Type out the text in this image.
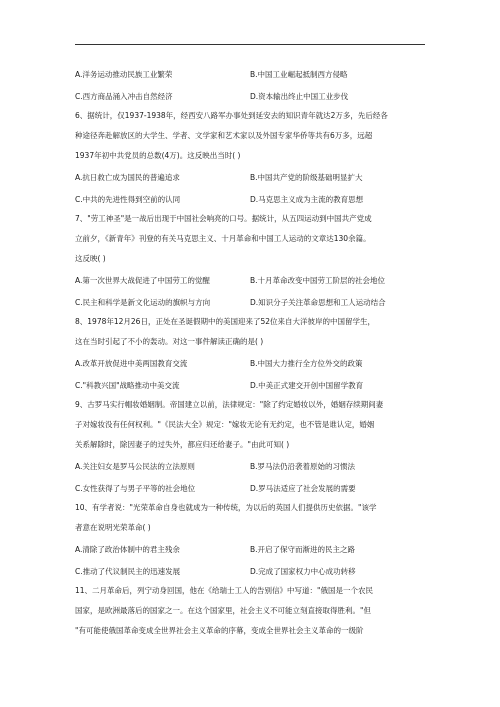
A.洋务运动推动民族工业繁荣	B.中国工业崛起抵制西方侵略
C.西方商品涌入冲击自然经济	D.资本输出终止中国工业步伐
6、据统计，仅1937-1938年，经西安八路军办事处到延安去的知识青年就达2万多，先后经各
种途径奔赴解放区的大学生、学者、文学家和艺术家以及外国专家华侨等共有6万多，远超
1937年初中共党员的总数(4万)。这反映出当时( )
A.抗日救亡成为国民的普遍追求	B.中国共产党的阶级基础明显扩大
C.中共的先进性得到空前的认同	D.马克思主义成为主流的教育思想
7、"劳工神圣"是一战后出现于中国社会响亮的口号。据统计，从五四运动到中国共产党成
立前夕，《新青年》刊登的有关马克思主义、十月革命和中国工人运动的文章达130余篇。
这反映( )
A.第一次世界大战促进了中国劳工的觉醒	B.十月革命改变中国劳工阶层的社会地位
C.民主和科学是新文化运动的旗帜与方向	D.知识分子关注革命思想和工人运动结合
8、1978年12月26日，正处在圣诞假期中的美国迎来了52位来自大洋彼岸的中国留学生，
这在当时引起了不小的轰动。对这一事件解读正确的是( )
A.改革开放促进中美两国教育交流	B.中国大力推行全方位外交的政策
C."科教兴国"战略推动中美交流	D.中美正式建交开创中国留学教育
9、古罗马实行帽妆婚姻制。帝国建立以前，法律规定："除了约定婚妆以外，婚姻存续期间妻
子对嫁妆没有任何权利。"《民法大全》规定："嫁妆无论有无约定，也不管是谁认定，婚姻
关系解除时，除因妻子的过失外，都应归还给妻子。"由此可知( )
A.关注妇女是罗马公民法的立法原则	B.罗马法仍沿袭着原始的习惯法
C.女性获得了与男子平等的社会地位	D.罗马法适应了社会发展的需要
10、有学者说："光荣革命自身也就成为一种传统，为以后的英国人们提供历史依据。"该学
者意在说明光荣革命( )
A.清除了政治体制中的君主残余	B.开启了保守而渐进的民主之路
C.推动了代议制民主的迅速发展	D.完成了国家权力中心成功转移
11、二月革命后，列宁动身回国，他在《给瑞士工人的告别信》中写道："俄国是一个农民
国家，是欧洲最落后的国家之一。在这个国家里，社会主义不可能立刻直接取得胜利。"但
"有可能使俄国革命变成全世界社会主义革命的序幕，变成全世界社会主义革命的一级阶
